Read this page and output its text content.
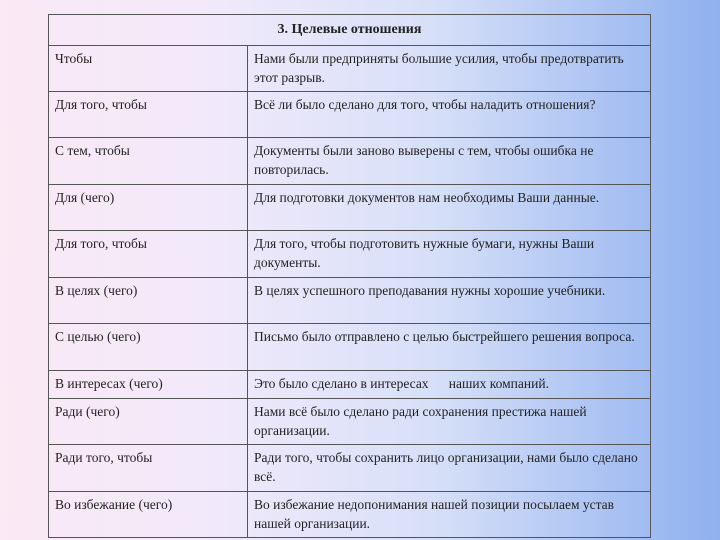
3. Целевые отношения
Чтобы	Нами были предприняты большие усилия, чтобы предотвратить этот разрыв.
Для того, чтобы	Всё ли было сделано для того, чтобы наладить отношения?
С тем, чтобы	Документы были заново выверены с тем, чтобы ошибка не повторилась.
Для (чего)	Для подготовки документов нам необходимы Ваши данные.
Для того, чтобы	Для того, чтобы подготовить нужные бумаги, нужны Ваши документы.
В целях (чего)	В целях успешного преподавания нужны хорошие учебники.
С целью (чего)	Письмо было отправлено с целью быстрейшего решения вопроса.
В интересах (чего)	Это было сделано в интересах      наших компаний.
Ради (чего)	Нами всё было сделано ради сохранения престижа нашей организации.
Ради того, чтобы	Ради того, чтобы сохранить лицо организации, нами было сделано всё.
Во избежание (чего)	Во избежание недопонимания нашей позиции посылаем устав нашей организации.
